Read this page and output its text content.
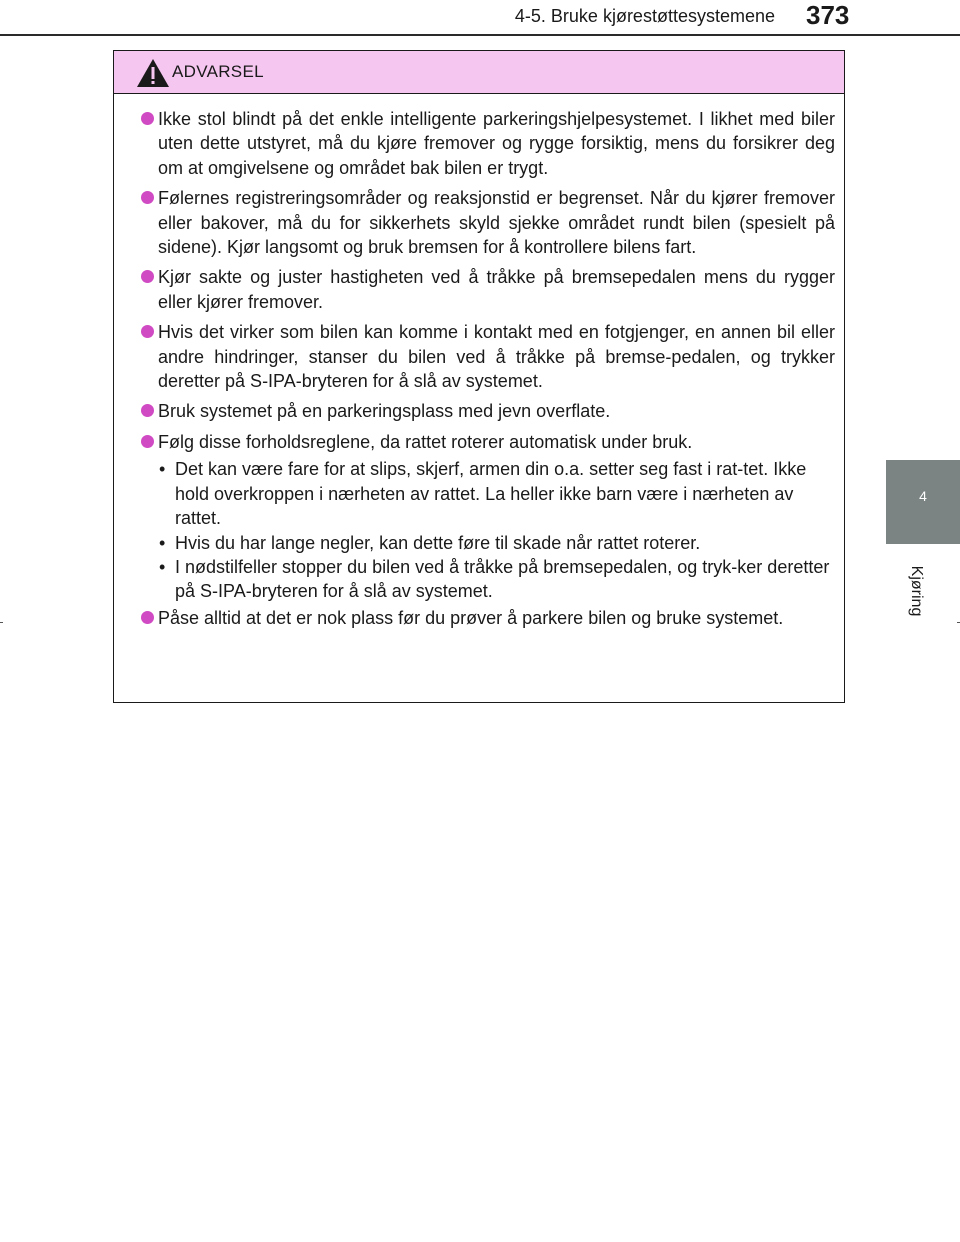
4-5. Bruke kjørestøttesystemene 373
4
Kjøring
ADVARSEL
Ikke stol blindt på det enkle intelligente parkeringshjelpesystemet. I likhet med biler uten dette utstyret, må du kjøre fremover og rygge forsiktig, mens du forsikrer deg om at omgivelsene og området bak bilen er trygt.
Følernes registreringsområder og reaksjonstid er begrenset. Når du kjører fremover eller bakover, må du for sikkerhets skyld sjekke området rundt bilen (spesielt på sidene). Kjør langsomt og bruk bremsen for å kontrollere bilens fart.
Kjør sakte og juster hastigheten ved å tråkke på bremsepedalen mens du rygger eller kjører fremover.
Hvis det virker som bilen kan komme i kontakt med en fotgjenger, en annen bil eller andre hindringer, stanser du bilen ved å tråkke på bremse-pedalen, og trykker deretter på S-IPA-bryteren for å slå av systemet.
Bruk systemet på en parkeringsplass med jevn overflate.
Følg disse forholdsreglene, da rattet roterer automatisk under bruk.
• Det kan være fare for at slips, skjerf, armen din o.a. setter seg fast i rat-tet. Ikke hold overkroppen i nærheten av rattet. La heller ikke barn være i nærheten av rattet.
• Hvis du har lange negler, kan dette føre til skade når rattet roterer.
• I nødstilfeller stopper du bilen ved å tråkke på bremsepedalen, og tryk-ker deretter på S-IPA-bryteren for å slå av systemet.
Påse alltid at det er nok plass før du prøver å parkere bilen og bruke systemet.
